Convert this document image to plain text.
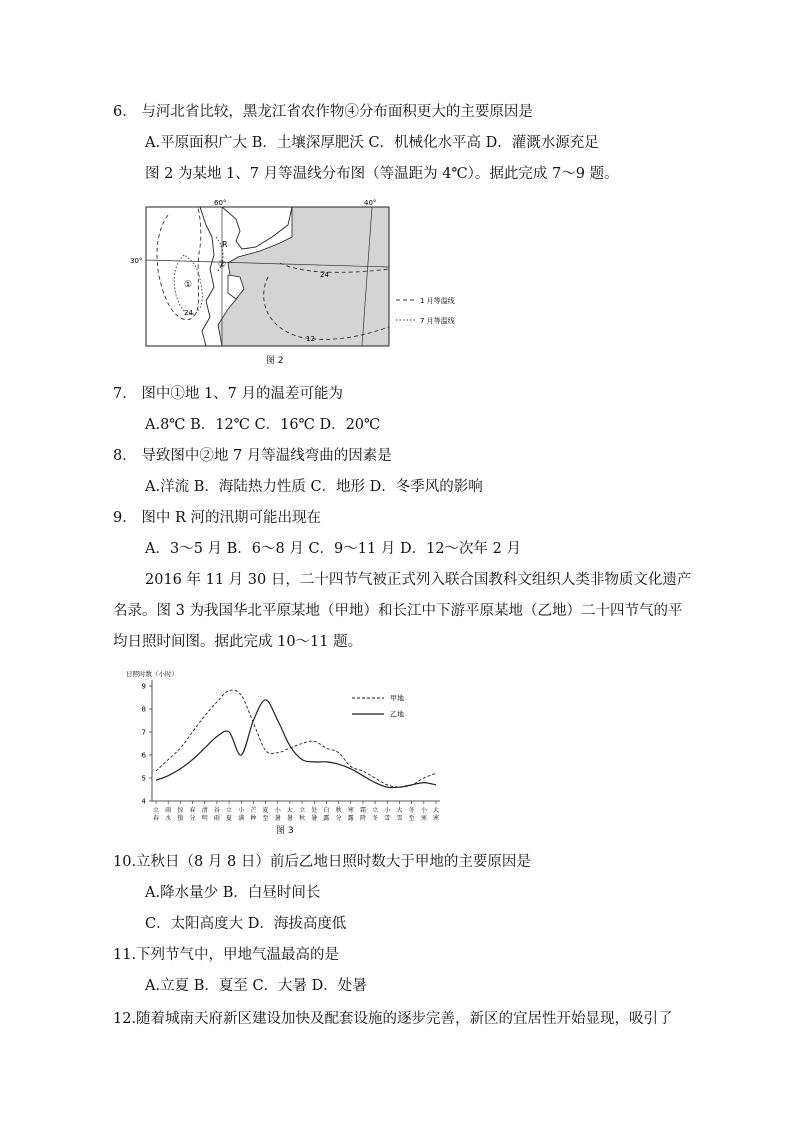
6． 与河北省比较，黑龙江省农作物④分布面积更大的主要原因是
A.平原面积广大 B．土壤深厚肥沃 C．机械化水平高 D．灌溉水源充足
图 2 为某地 1、7 月等温线分布图（等温距为 4℃）。据此完成 7～9 题。
60°	40°
30°
R
②
①
24
24
12
1 月等温线
7 月等温线
图 2
7． 图中①地 1、7 月的温差可能为
A.8℃ B．12℃ C．16℃ D．20℃
8． 导致图中②地 7 月等温线弯曲的因素是
A.洋流 B．海陆热力性质 C．地形 D．冬季风的影响
9． 图中 R 河的汛期可能出现在
A．3～5 月 B．6～8 月 C．9～11 月 D．12～次年 2 月
2016 年 11 月 30 日，二十四节气被正式列入联合国教科文组织人类非物质文化遗产
名录。图 3 为我国华北平原某地（甲地）和长江中下游平原某地（乙地）二十四节气的平
均日照时间图。据此完成 10～11 题。
日照时数（小时）
4
5
6
7
8
9
立
春
雨
水
惊
蛰
春
分
清
明
谷
雨
立
夏
小
满
芒
种
夏
至
小
暑
大
暑
立
秋
处
暑
白
露
秋
分
寒
露
霜
降
立
冬
小
雪
大
雪
冬
至
小
寒
大
寒
甲地
乙地
图 3
10.立秋日（8 月 8 日）前后乙地日照时数大于甲地的主要原因是
A.降水量少 B．白昼时间长
C．太阳高度大 D．海拔高度低
11.下列节气中，甲地气温最高的是
A.立夏 B．夏至 C．大暑 D．处暑
12.随着城南天府新区建设加快及配套设施的逐步完善，新区的宜居性开始显现，吸引了
